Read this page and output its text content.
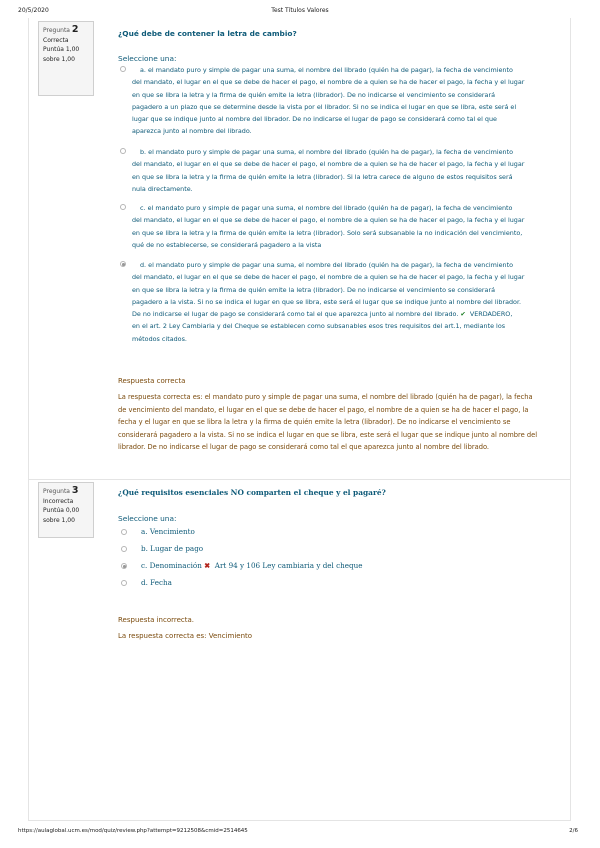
20/5/2020	Test Títulos Valores
Pregunta 2
Correcta
Puntúa 1,00
sobre 1,00
¿Qué debe de contener la letra de cambio?
Seleccione una:
a. el mandato puro y simple de pagar una suma, el nombre del librado (quién ha de pagar), la fecha de vencimiento
del mandato, el lugar en el que se debe de hacer el pago, el nombre de a quien se ha de hacer el pago, la fecha y el lugar
en que se libra la letra y la firma de quién emite la letra (librador). De no indicarse el vencimiento se considerará
pagadero a un plazo que se determine desde la vista por el librador. Si no se indica el lugar en que se libra, este será el
lugar que se indique junto al nombre del librador. De no indicarse el lugar de pago se considerará como tal el que
aparezca junto al nombre del librado.
b. el mandato puro y simple de pagar una suma, el nombre del librado (quién ha de pagar), la fecha de vencimiento
del mandato, el lugar en el que se debe de hacer el pago, el nombre de a quien se ha de hacer el pago, la fecha y el lugar
en que se libra la letra y la firma de quién emite la letra (librador). Si la letra carece de alguno de estos requisitos será
nula directamente.
c. el mandato puro y simple de pagar una suma, el nombre del librado (quién ha de pagar), la fecha de vencimiento
del mandato, el lugar en el que se debe de hacer el pago, el nombre de a quien se ha de hacer el pago, la fecha y el lugar
en que se libra la letra y la firma de quién emite la letra (librador). Solo será subsanable la no indicación del vencimiento,
qué de no establecerse, se considerará pagadero a la vista
d. el mandato puro y simple de pagar una suma, el nombre del librado (quién ha de pagar), la fecha de vencimiento
del mandato, el lugar en el que se debe de hacer el pago, el nombre de a quien se ha de hacer el pago, la fecha y el lugar
en que se libra la letra y la firma de quién emite la letra (librador). De no indicarse el vencimiento se considerará
pagadero a la vista. Si no se indica el lugar en que se libra, este será el lugar que se indique junto al nombre del librador.
De no indicarse el lugar de pago se considerará como tal el que aparezca junto al nombre del librado. ✔ VERDADERO,
en el art. 2 Ley Cambiaria y del Cheque se establecen como subsanables esos tres requisitos del art.1, mediante los
métodos citados.
Respuesta correcta
La respuesta correcta es: el mandato puro y simple de pagar una suma, el nombre del librado (quién ha de pagar), la fecha
de vencimiento del mandato, el lugar en el que se debe de hacer el pago, el nombre de a quien se ha de hacer el pago, la
fecha y el lugar en que se libra la letra y la firma de quién emite la letra (librador). De no indicarse el vencimiento se
considerará pagadero a la vista. Si no se indica el lugar en que se libra, este será el lugar que se indique junto al nombre del
librador. De no indicarse el lugar de pago se considerará como tal el que aparezca junto al nombre del librado.
Pregunta 3
Incorrecta
Puntúa 0,00
sobre 1,00
¿Qué requisitos esenciales NO comparten el cheque y el pagaré?
Seleccione una:
a. Vencimiento
b. Lugar de pago
c. Denominación ✖ Art 94 y 106 Ley cambiaria y del cheque
d. Fecha
Respuesta incorrecta.
La respuesta correcta es: Vencimiento
https://aulaglobal.ucm.es/mod/quiz/review.php?attempt=9212508&cmid=2514645	2/6
